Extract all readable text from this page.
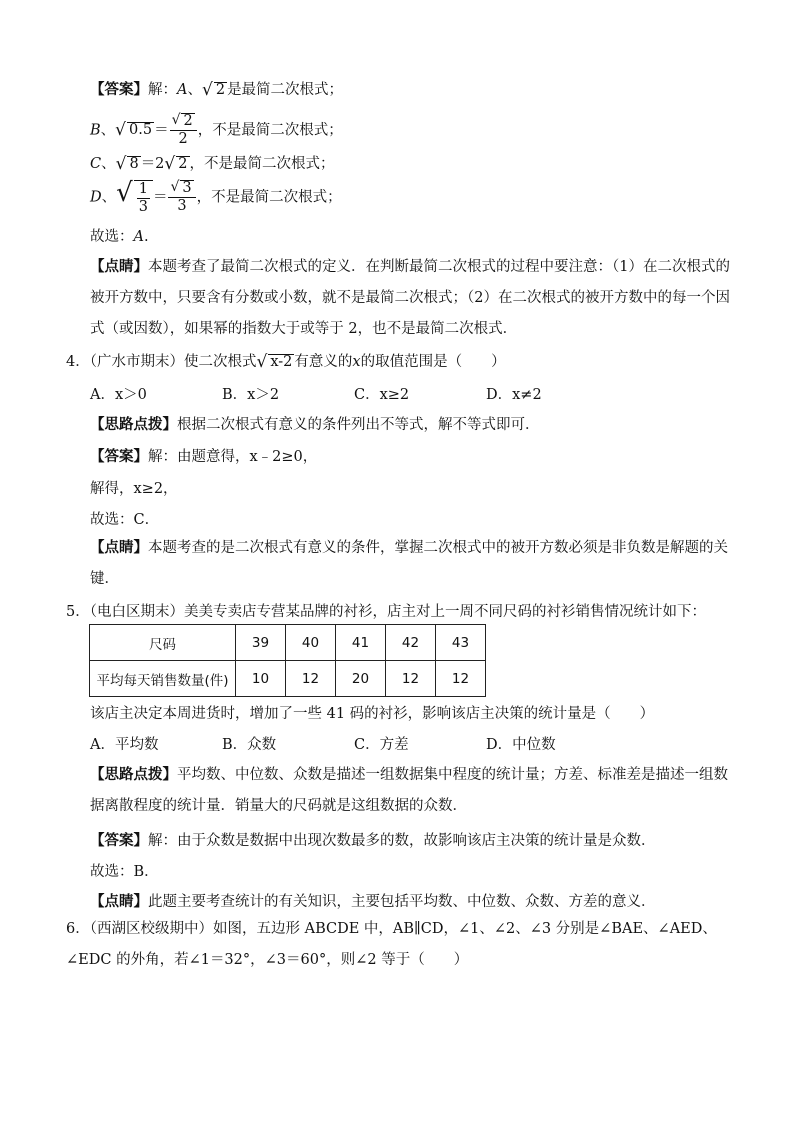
【答案】解：A、 √ 2 是最简二次根式；
B、 √ $0.5 = \frac{√ 2}{2}$ ，不是最简二次根式；
C、 √ 8 ＝2 √ 2 ，不是最简二次根式；
D、 √ $\frac{1}{3} = \frac{√ 3}{3}$ ，不是最简二次根式；
故选：A.
【点睛】本题考查了最简二次根式的定义．在判断最简二次根式的过程中要注意：（1）在二次根式的被开方数中，只要含有分数或小数，就不是最简二次根式；（2）在二次根式的被开方数中的每一个因式（或因数），如果幂的指数大于或等于 2，也不是最简二次根式．
4．（广水市期末）使二次根式 √ x-2 有意义的x的取值范围是（　　）
A．x＞0	B．x＞2	C．x≥2	D．x≠2
【思路点拨】根据二次根式有意义的条件列出不等式，解不等式即可．
【答案】解：由题意得，x﹣2≥0，
解得，x≥2，
故选：C．
【点睛】本题考查的是二次根式有意义的条件，掌握二次根式中的被开方数必须是非负数是解题的关键．
5．（电白区期末）美美专卖店专营某品牌的衬衫，店主对上一周不同尺码的衬衫销售情况统计如下：
尺码	39	40	41	42	43
平均每天销售数量(件)	10	12	20	12	12
该店主决定本周进货时，增加了一些 41 码的衬衫，影响该店主决策的统计量是（　　）
A．平均数	B．众数	C．方差	D．中位数
【思路点拨】平均数、中位数、众数是描述一组数据集中程度的统计量；方差、标准差是描述一组数据离散程度的统计量．销量大的尺码就是这组数据的众数．
【答案】解：由于众数是数据中出现次数最多的数，故影响该店主决策的统计量是众数．
故选：B．
【点睛】此题主要考查统计的有关知识，主要包括平均数、中位数、众数、方差的意义．
6．（西湖区校级期中）如图，五边形 ABCDE 中，AB∥CD，∠1、∠2、∠3 分别是∠BAE、∠AED、∠EDC 的外角，若∠1＝32°，∠3＝60°，则∠2 等于（　　）
